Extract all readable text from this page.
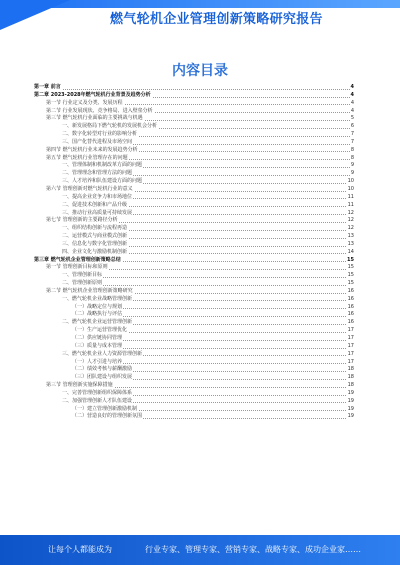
燃气轮机企业管理创新策略研究报告
内容目录
第一章 前言	4
第二章 2023-2028年燃气轮机行业背景及趋势分析	4
第一节 行业定义及分类、发展历程	4
第二节 行业发展现状、竞争格局、进入壁垒分析	4
第三节 燃气轮机行业面临的主要挑战与机遇	5
一、新发展格局下燃气轮机的发展机会分析	6
二、数字化转型对行业的影响分析	7
三、国产化替代进程及市场空间	7
第四节 燃气轮机行业未来的发展趋势分析	8
第五节 燃气轮机行业管理存在的问题	8
一、管理体制和机制改革方面的问题	9
二、管理理念和管理方法的问题	9
三、人才培养和队伍建设方面的问题	10
第六节 管理创新对燃气轮机行业的意义	10
一、提高企业竞争力和市场地位	11
二、促进技术创新和产品升级	11
三、推动行业高质量可持续发展	12
第七节 管理创新的主要路径分析	12
一、组织结构创新与流程再造	12
二、运营模式与商业模式创新	13
三、信息化与数字化管理创新	13
四、企业文化与激励机制创新	14
第三章 燃气轮机企业管理创新策略总结	15
第一节 管理创新目标和原则	15
一、管理创新目标	15
二、管理创新原则	15
第二节 燃气轮机企业管理创新策略研究	16
一、燃气轮机企业战略管理创新	16
（一）战略定位与规划	16
（二）战略执行与评估	16
二、燃气轮机企业运营管理创新	16
（一）生产运营管理优化	17
（二）供应链协同管理	17
（三）质量与成本管理	17
三、燃气轮机企业人力资源管理创新	17
（一）人才引进与培养	17
（二）绩效考核与薪酬激励	18
（三）团队建设与组织发展	18
第三节 管理创新实施保障措施	18
一、完善管理创新组织保障体系	19
二、加强管理创新人才队伍建设	19
（一）建立管理创新激励机制	19
（二）营造良好的管理创新氛围	19
让每个人都能成为	行业专家、管理专家、营销专家、战略专家、成功企业家……
